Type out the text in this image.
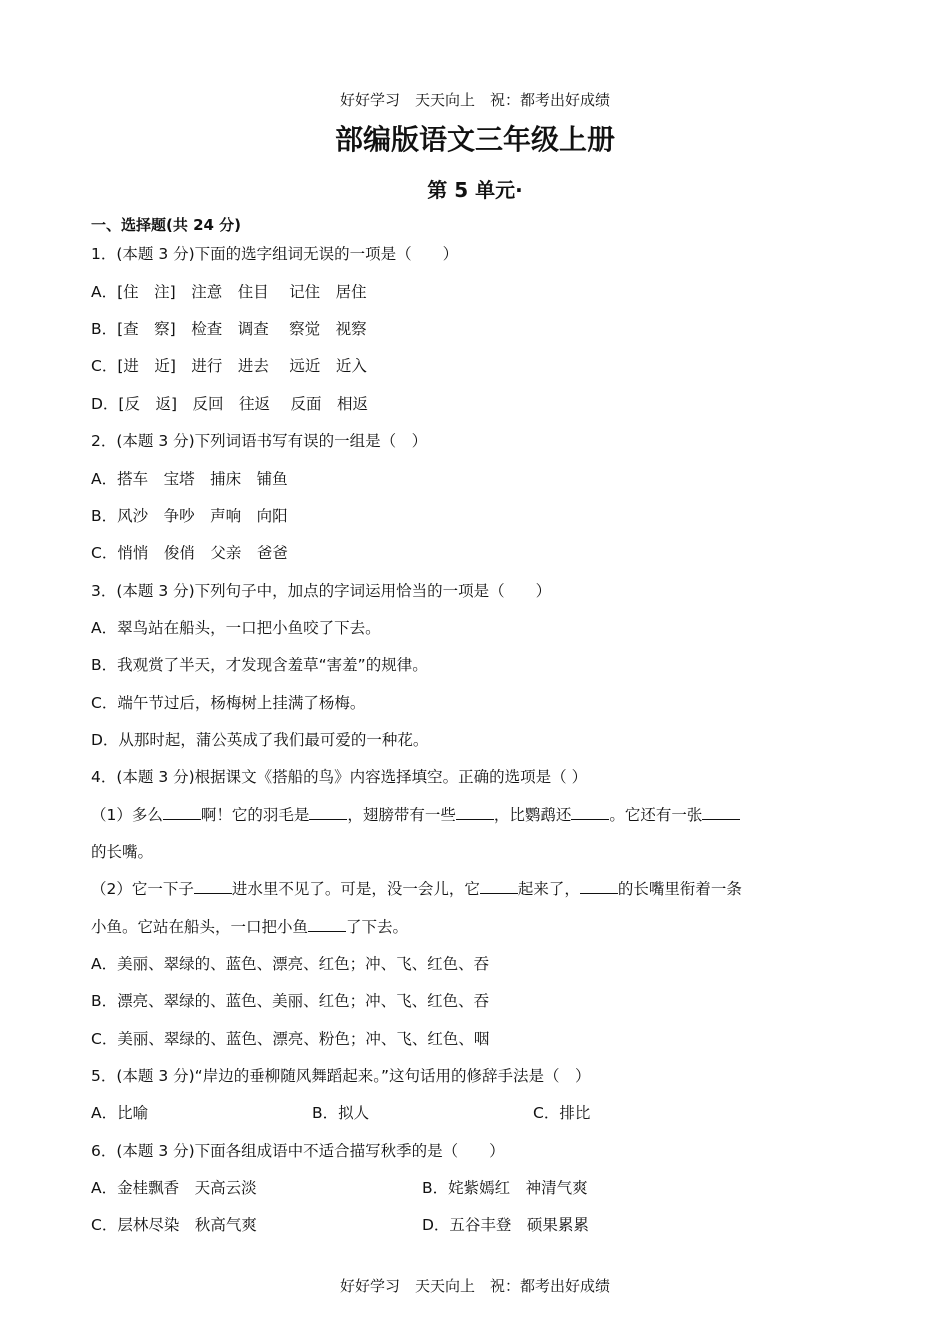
好好学习　天天向上　祝：都考出好成绩
部编版语文三年级上册
第 5 单元·
一、选择题(共 24 分)
1．(本题 3 分)下面的选字组词无误的一项是（　　）
A．[住　注]　注意　住目　 记住　居住
B．[查　察]　检查　调查　 察觉　视察
C．[进　近]　进行　进去　 远近　近入
D．[反　返]　反回　往返　 反面　相返
2．(本题 3 分)下列词语书写有误的一组是（　）
A．搭车　宝塔　捕床　铺鱼
B．风沙　争吵　声响　向阳
C．悄悄　俊俏　父亲　爸爸
3．(本题 3 分)下列句子中，加点的字词运用恰当的一项是（　　）
A．翠鸟站在船头，一口把小鱼咬了下去。
B．我观赏了半天，才发现含羞草“害羞”的规律。
C．端午节过后，杨梅树上挂满了杨梅。
D．从那时起，蒲公英成了我们最可爱的一种花。
4．(本题 3 分)根据课文《搭船的鸟》内容选择填空。正确的选项是（ ）
（1）多么 啊！它的羽毛是 ，翅膀带有一些 ，比鹦鹉还 。它还有一张
的长嘴。
（2）它一下子 进水里不见了。可是，没一会儿，它 起来了， 的长嘴里衔着一条
小鱼。它站在船头，一口把小鱼 了下去。
A．美丽、翠绿的、蓝色、漂亮、红色；冲、飞、红色、吞
B．漂亮、翠绿的、蓝色、美丽、红色；冲、飞、红色、吞
C．美丽、翠绿的、蓝色、漂亮、粉色；冲、飞、红色、咽
5．(本题 3 分)“岸边的垂柳随风舞蹈起来。”这句话用的修辞手法是（　）
A．比喻	B．拟人	C．排比
6．(本题 3 分)下面各组成语中不适合描写秋季的是（　　）
A．金桂飘香　天高云淡	B．姹紫嫣红　神清气爽
C．层林尽染　秋高气爽	D．五谷丰登　硕果累累
好好学习　天天向上　祝：都考出好成绩
